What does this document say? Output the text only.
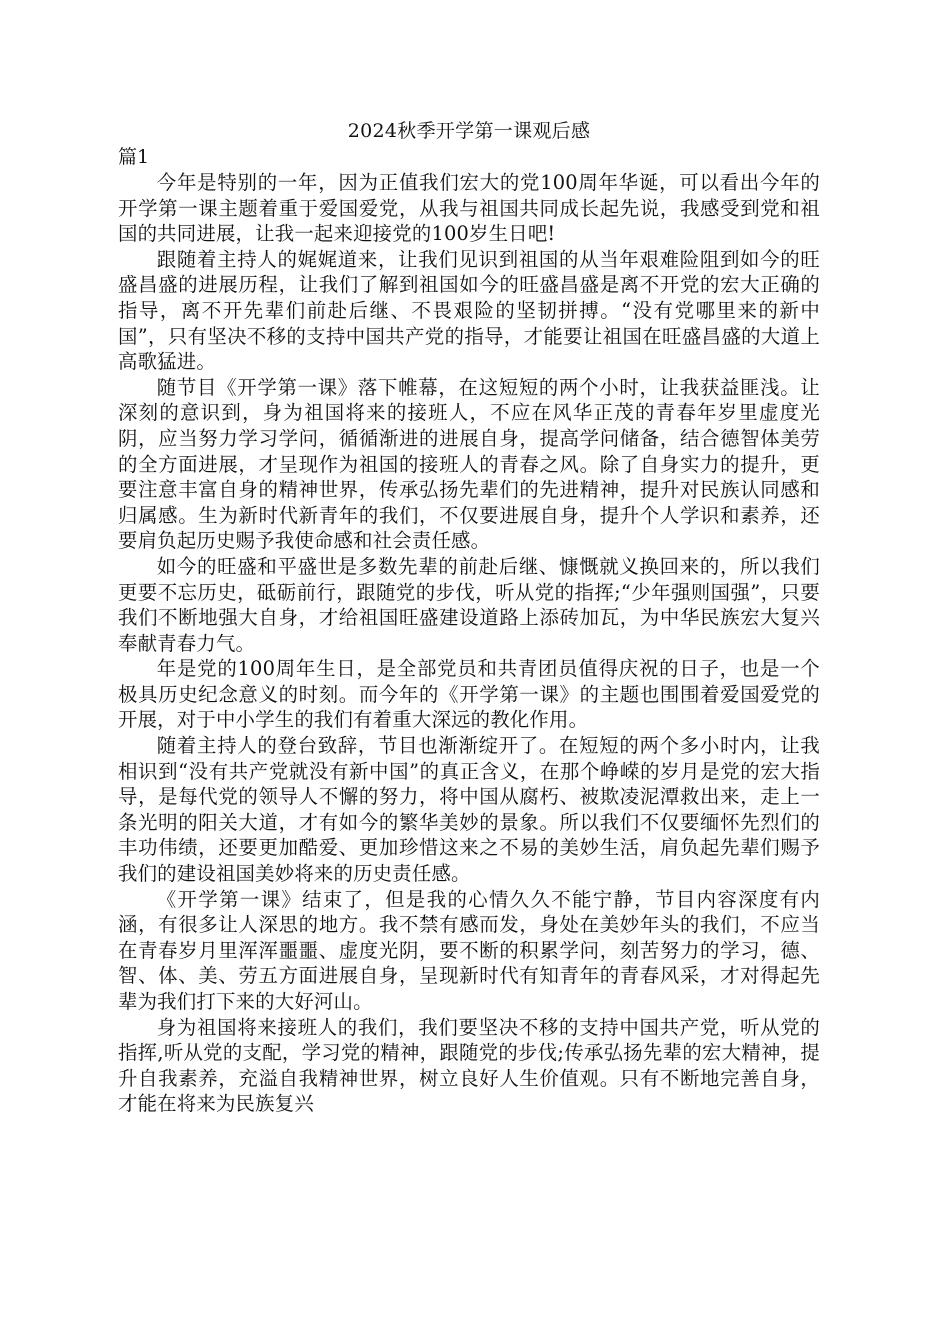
2024秋季开学第一课观后感

篇1

今年是特别的一年，因为正值我们宏大的党100周年华诞，可以看出今年的开学第一课主题着重于爱国爱党，从我与祖国共同成长起先说，我感受到党和祖国的共同进展，让我一起来迎接党的100岁生日吧!

跟随着主持人的娓娓道来，让我们见识到祖国的从当年艰难险阻到如今的旺盛昌盛的进展历程，让我们了解到祖国如今的旺盛昌盛是离不开党的宏大正确的指导，离不开先辈们前赴后继、不畏艰险的坚韧拼搏。“没有党哪里来的新中国”，只有坚决不移的支持中国共产党的指导，才能要让祖国在旺盛昌盛的大道上高歌猛进。

随节目《开学第一课》落下帷幕，在这短短的两个小时，让我获益匪浅。让深刻的意识到，身为祖国将来的接班人，不应在风华正茂的青春年岁里虚度光阴，应当努力学习学问，循循渐进的进展自身，提高学问储备，结合德智体美劳的全方面进展，才呈现作为祖国的接班人的青春之风。除了自身实力的提升，更要注意丰富自身的精神世界，传承弘扬先辈们的先进精神，提升对民族认同感和归属感。生为新时代新青年的我们，不仅要进展自身，提升个人学识和素养，还要肩负起历史赐予我使命感和社会责任感。

如今的旺盛和平盛世是多数先辈的前赴后继、慷慨就义换回来的，所以我们更要不忘历史，砥砺前行，跟随党的步伐，听从党的指挥;“少年强则国强”，只要我们不断地强大自身，才给祖国旺盛建设道路上添砖加瓦，为中华民族宏大复兴奉献青春力气。

年是党的100周年生日，是全部党员和共青团员值得庆祝的日子，也是一个极具历史纪念意义的时刻。而今年的《开学第一课》的主题也围围着爱国爱党的开展，对于中小学生的我们有着重大深远的教化作用。

随着主持人的登台致辞，节目也渐渐绽开了。在短短的两个多小时内，让我相识到“没有共产党就没有新中国”的真正含义，在那个峥嵘的岁月是党的宏大指导，是每代党的领导人不懈的努力，将中国从腐朽、被欺凌泥潭救出来，走上一条光明的阳关大道，才有如今的繁华美妙的景象。所以我们不仅要缅怀先烈们的丰功伟绩，还要更加酷爱、更加珍惜这来之不易的美妙生活，肩负起先辈们赐予我们的建设祖国美妙将来的历史责任感。

《开学第一课》结束了，但是我的心情久久不能宁静，节目内容深度有内涵，有很多让人深思的地方。我不禁有感而发，身处在美妙年头的我们，不应当在青春岁月里浑浑噩噩、虚度光阴，要不断的积累学问，刻苦努力的学习，德、智、体、美、劳五方面进展自身，呈现新时代有知青年的青春风采，才对得起先辈为我们打下来的大好河山。

身为祖国将来接班人的我们，我们要坚决不移的支持中国共产党，听从党的指挥,听从党的支配，学习党的精神，跟随党的步伐;传承弘扬先辈的宏大精神，提升自我素养，充溢自我精神世界，树立良好人生价值观。只有不断地完善自身，才能在将来为民族复兴
